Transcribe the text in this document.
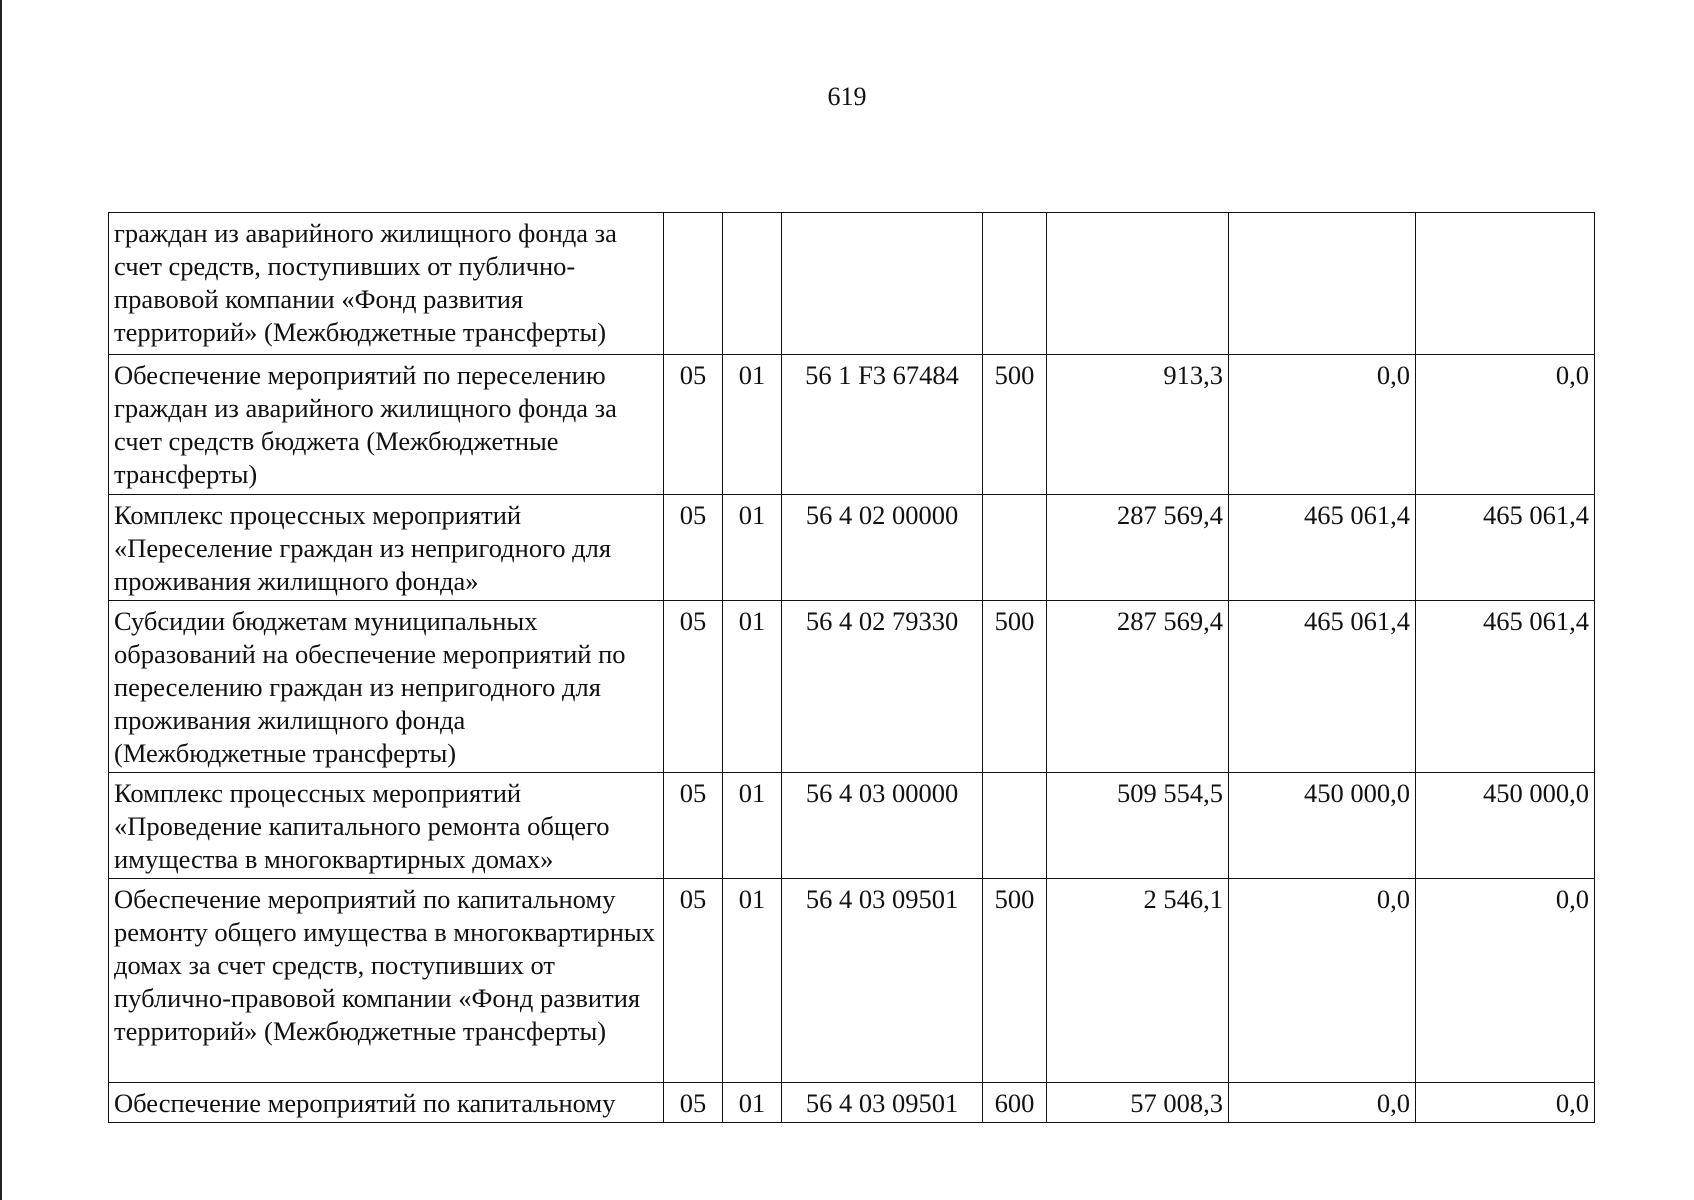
619
граждан из аварийного жилищного фонда за счет средств, поступивших от публично-правовой компании «Фонд развития территорий» (Межбюджетные трансферты)							
Обеспечение мероприятий по переселению граждан из аварийного жилищного фонда за счет средств бюджета (Межбюджетные трансферты)	05	01	56 1 F3 67484	500	913,3	0,0	0,0
Комплекс процессных мероприятий «Переселение граждан из непригодного для проживания жилищного фонда»	05	01	56 4 02 00000		287 569,4	465 061,4	465 061,4
Субсидии бюджетам муниципальных образований на обеспечение мероприятий по переселению граждан из непригодного для проживания жилищного фонда (Межбюджетные трансферты)	05	01	56 4 02 79330	500	287 569,4	465 061,4	465 061,4
Комплекс процессных мероприятий «Проведение капитального ремонта общего имущества в многоквартирных домах»	05	01	56 4 03 00000		509 554,5	450 000,0	450 000,0
Обеспечение мероприятий по капитальному ремонту общего имущества в многоквартирных домах за счет средств, поступивших от публично-правовой компании «Фонд развития территорий» (Межбюджетные трансферты)	05	01	56 4 03 09501	500	2 546,1	0,0	0,0
Обеспечение мероприятий по капитальному	05	01	56 4 03 09501	600	57 008,3	0,0	0,0
